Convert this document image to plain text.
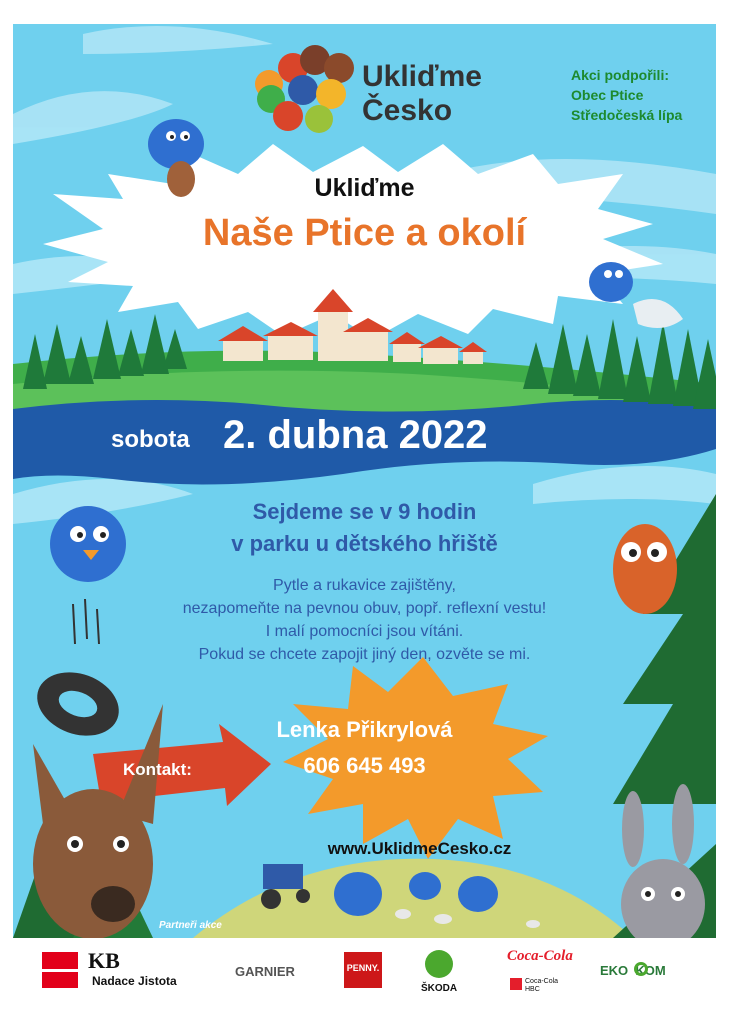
Ukliďme
Česko
Akci podpořili:
Obec Ptice
Středočeská lípa
Ukliďme
Naše Ptice a okolí
sobota 2. dubna 2022
Sejdeme se v 9 hodin
v parku u dětského hřiště
Pytle a rukavice zajištěny,
nezapomeňte na pevnou obuv, popř. reflexní vestu!
I malí pomocníci jsou vítáni.
Pokud se chcete zapojit jiný den, ozvěte se mi.
Kontakt:
Lenka Přikrylová
606 645 493
www.UklidmeCesko.cz
Partneři akce
KB
Nadace Jistota
GARNIER	PENNY.
ŠKODA
Coca-Cola
Coca-Cola HBC
EKO  KOM
